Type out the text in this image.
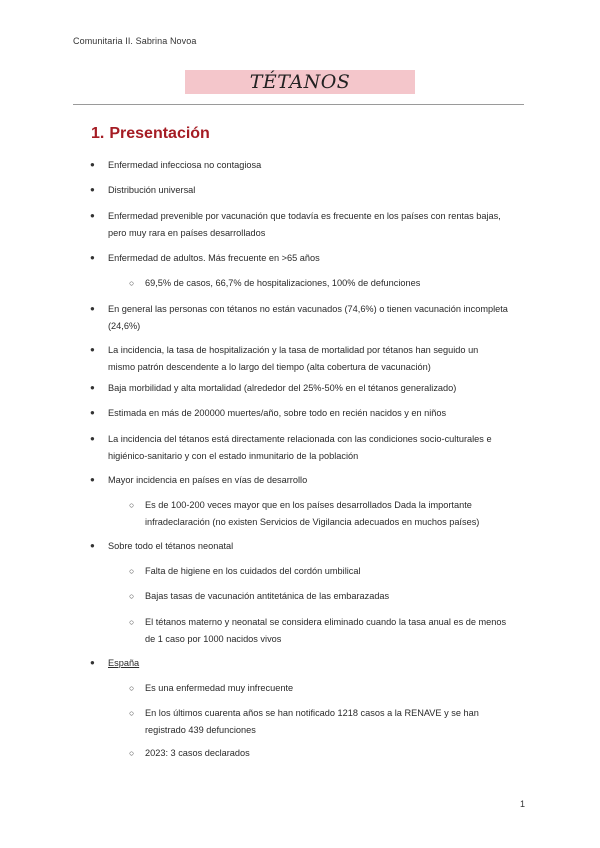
Comunitaria II. Sabrina Novoa
TÉTANOS
1. Presentación
● Enfermedad infecciosa no contagiosa
● Distribución universal
● Enfermedad prevenible por vacunación que todavía es frecuente en los países con rentas bajas,
pero muy rara en países desarrollados
● Enfermedad de adultos. Más frecuente en >65 años
○ 69,5% de casos, 66,7% de hospitalizaciones, 100% de defunciones
● En general las personas con tétanos no están vacunados (74,6%) o tienen vacunación incompleta
(24,6%)
● La incidencia, la tasa de hospitalización y la tasa de mortalidad por tétanos han seguido un
mismo patrón descendente a lo largo del tiempo (alta cobertura de vacunación)
● Baja morbilidad y alta mortalidad (alrededor del 25%-50% en el tétanos generalizado)
● Estimada en más de 200000 muertes/año, sobre todo en recién nacidos y en niños
● La incidencia del tétanos está directamente relacionada con las condiciones socio-culturales e
higiénico-sanitario y con el estado inmunitario de la población
● Mayor incidencia en países en vías de desarrollo
○ Es de 100-200 veces mayor que en los países desarrollados Dada la importante
infradeclaración (no existen Servicios de Vigilancia adecuados en muchos países)
● Sobre todo el tétanos neonatal
○ Falta de higiene en los cuidados del cordón umbilical
○ Bajas tasas de vacunación antitetánica de las embarazadas
○ El tétanos materno y neonatal se considera eliminado cuando la tasa anual es de menos
de 1 caso por 1000 nacidos vivos
● España
○ Es una enfermedad muy infrecuente
○ En los últimos cuarenta años se han notificado 1218 casos a la RENAVE y se han
registrado 439 defunciones
○ 2023: 3 casos declarados
1
